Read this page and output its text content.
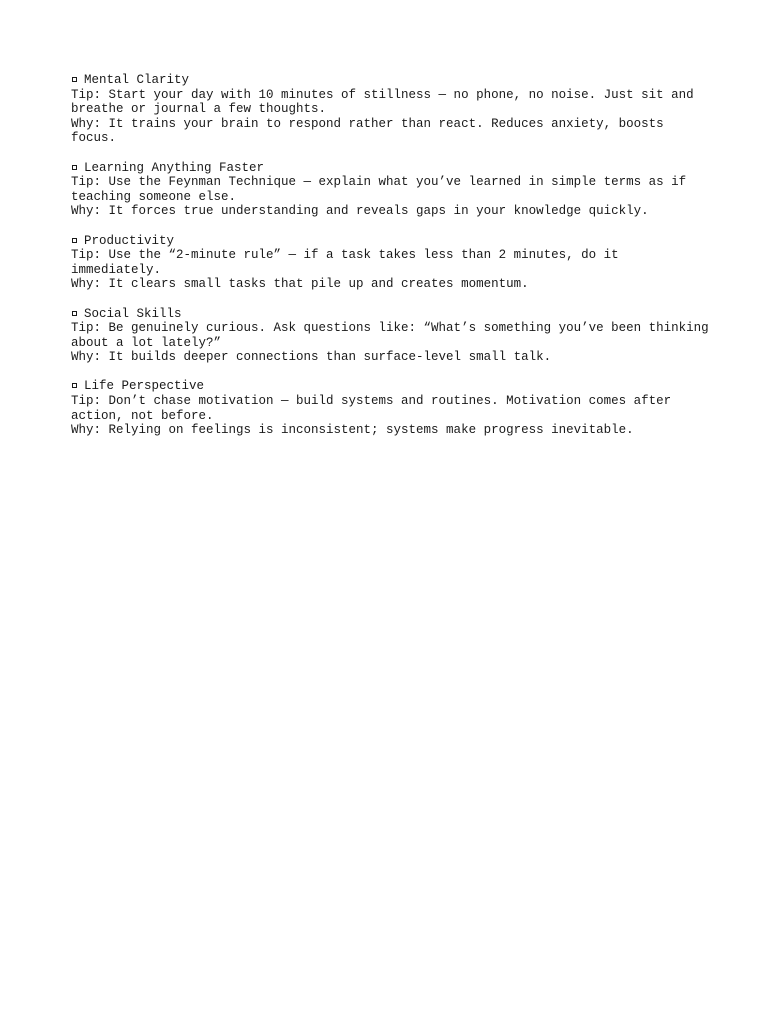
Mental Clarity
Tip: Start your day with 10 minutes of stillness — no phone, no noise. Just sit and breathe or journal a few thoughts.
Why: It trains your brain to respond rather than react. Reduces anxiety, boosts focus.
Learning Anything Faster
Tip: Use the Feynman Technique — explain what you’ve learned in simple terms as if teaching someone else.
Why: It forces true understanding and reveals gaps in your knowledge quickly.
Productivity
Tip: Use the “2-minute rule” — if a task takes less than 2 minutes, do it immediately.
Why: It clears small tasks that pile up and creates momentum.
Social Skills
Tip: Be genuinely curious. Ask questions like: “What’s something you’ve been thinking about a lot lately?”
Why: It builds deeper connections than surface-level small talk.
Life Perspective
Tip: Don’t chase motivation — build systems and routines. Motivation comes after action, not before.
Why: Relying on feelings is inconsistent; systems make progress inevitable.
